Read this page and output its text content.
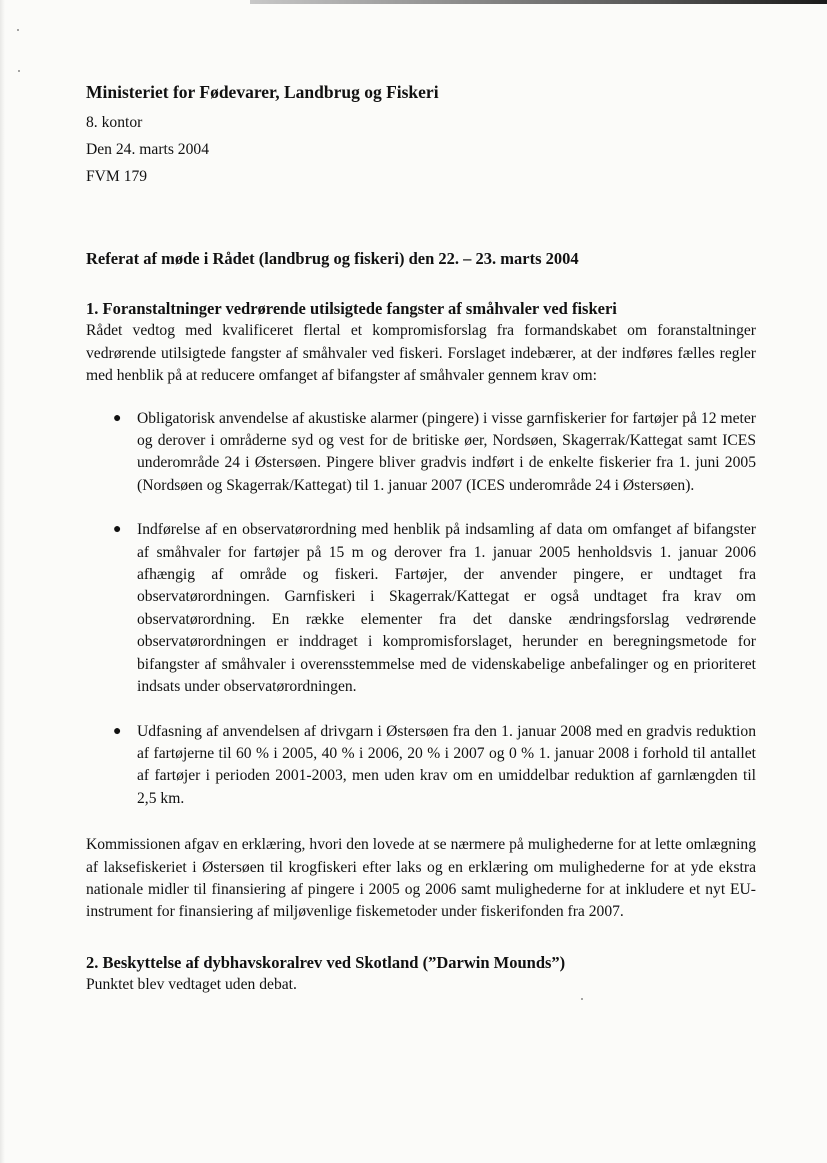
Ministeriet for Fødevarer, Landbrug og Fiskeri
8. kontor
Den 24. marts 2004
FVM 179
Referat af møde i Rådet (landbrug og fiskeri) den 22. – 23. marts 2004
1. Foranstaltninger vedrørende utilsigtede fangster af småhvaler ved fiskeri

Rådet vedtog med kvalificeret flertal et kompromisforslag fra formandskabet om foranstaltninger vedrørende utilsigtede fangster af småhvaler ved fiskeri. Forslaget indebærer, at der indføres fælles regler med henblik på at reducere omfanget af bifangster af småhvaler gennem krav om:

● Obligatorisk anvendelse af akustiske alarmer (pingere) i visse garnfiskerier for fartøjer på 12 meter og derover i områderne syd og vest for de britiske øer, Nordsøen, Skagerrak/Kattegat samt ICES underområde 24 i Østersøen. Pingere bliver gradvis indført i de enkelte fiskerier fra 1. juni 2005 (Nordsøen og Skagerrak/Kattegat) til 1. januar 2007 (ICES underområde 24 i Østersøen).
● Indførelse af en observatørordning med henblik på indsamling af data om omfanget af bifangster af småhvaler for fartøjer på 15 m og derover fra 1. januar 2005 henholdsvis 1. januar 2006 afhængig af område og fiskeri. Fartøjer, der anvender pingere, er undtaget fra observatørordningen. Garnfiskeri i Skagerrak/Kattegat er også undtaget fra krav om observatørordning. En række elementer fra det danske ændringsforslag vedrørende observatørordningen er inddraget i kompromisforslaget, herunder en beregningsmetode for bifangster af småhvaler i overensstemmelse med de videnskabelige anbefalinger og en prioriteret indsats under observatørordningen.
● Udfasning af anvendelsen af drivgarn i Østersøen fra den 1. januar 2008 med en gradvis reduktion af fartøjerne til 60 % i 2005, 40 % i 2006, 20 % i 2007 og 0 % 1. januar 2008 i forhold til antallet af fartøjer i perioden 2001-2003, men uden krav om en umiddelbar reduktion af garnlængden til 2,5 km.

Kommissionen afgav en erklæring, hvori den lovede at se nærmere på mulighederne for at lette omlægning af laksefiskeriet i Østersøen til krogfiskeri efter laks og en erklæring om mulighederne for at yde ekstra nationale midler til finansiering af pingere i 2005 og 2006 samt mulighederne for at inkludere et nyt EU-instrument for finansiering af miljøvenlige fiskemetoder under fiskerifonden fra 2007.

2. Beskyttelse af dybhavskoralrev ved Skotland (”Darwin Mounds”)

Punktet blev vedtaget uden debat.
